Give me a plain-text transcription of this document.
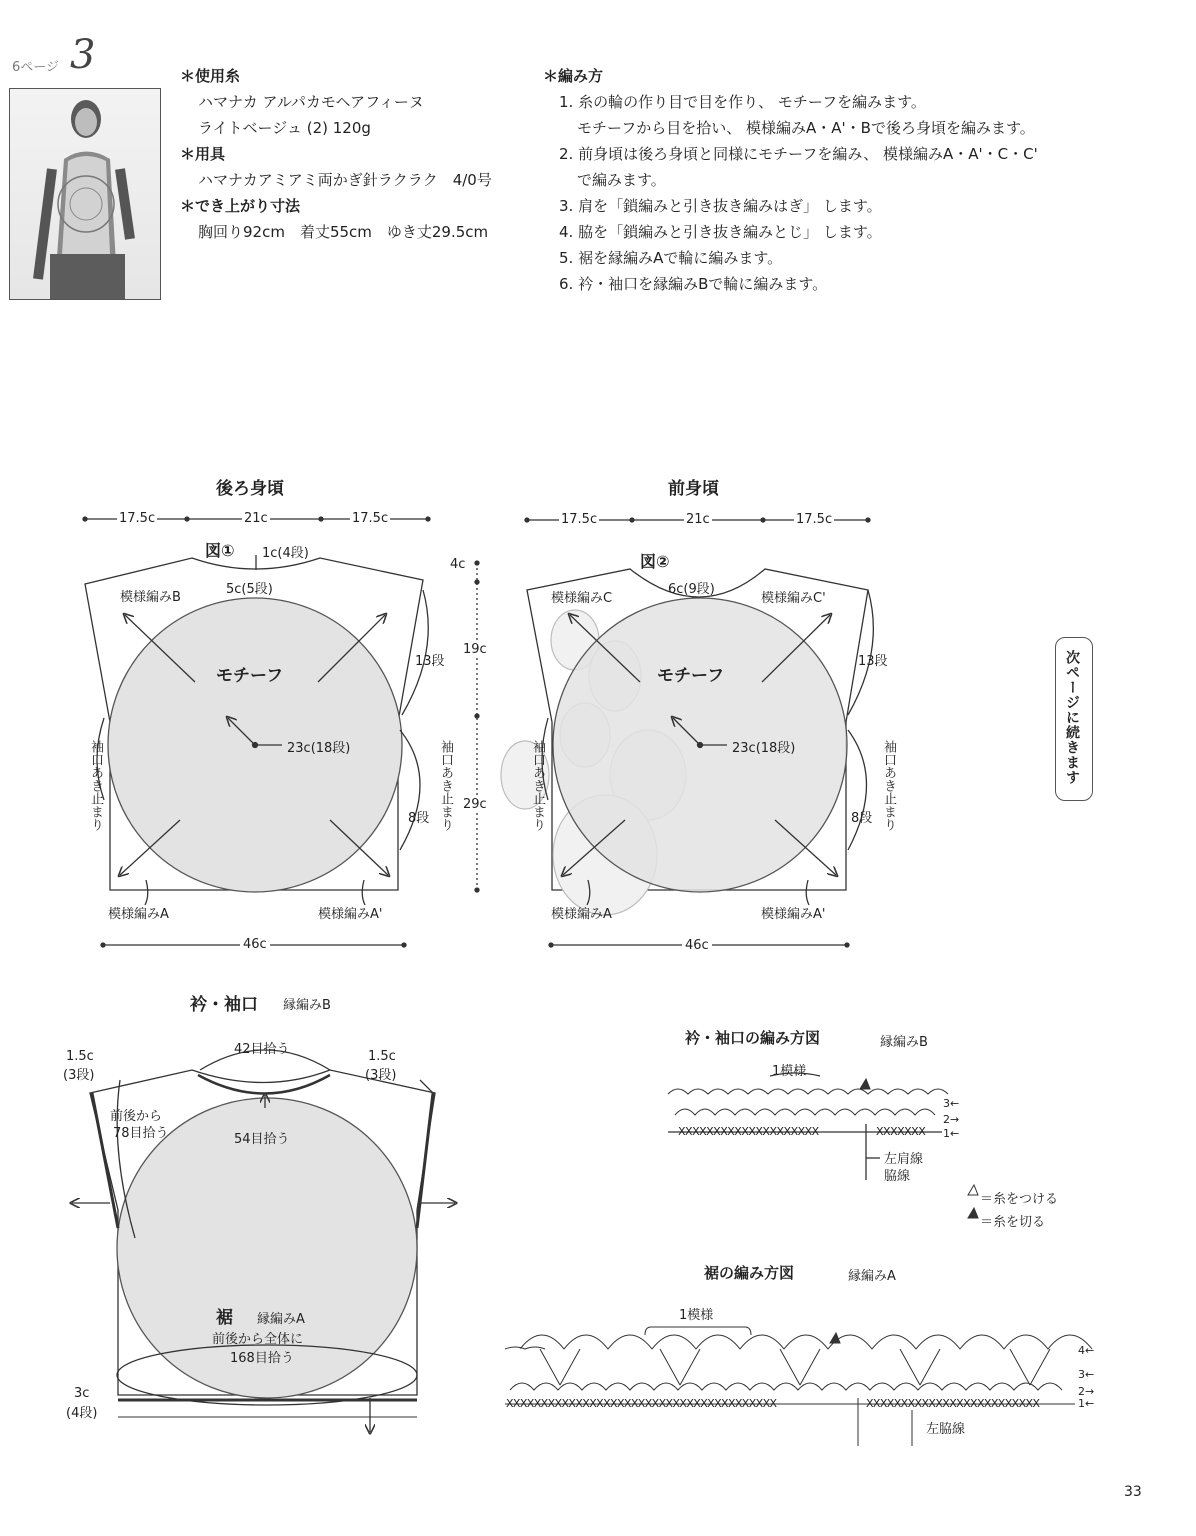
6ページ 3	＊使用糸
ハマナカ アルパカモヘアフィーヌ
ライトベージュ (2) 120g
＊用具
ハマナカアミアミ両かぎ針ラクラク　4/0号
＊でき上がり寸法
胸回り92cm　着丈55cm　ゆき丈29.5cm
＊編み方
1. 糸の輪の作り目で目を作り、 モチーフを編みます。
モチーフから目を拾い、 模様編みA・A'・Bで後ろ身頃を編みます。
2. 前身頃は後ろ身頃と同様にモチーフを編み、 模様編みA・A'・C・C'
で編みます。
3. 肩を「鎖編みと引き抜き編みはぎ」 します。
4. 脇を「鎖編みと引き抜き編みとじ」 します。
5. 裾を縁編みAで輪に編みます。
6. 衿・袖口を縁編みBで輪に編みます。
次ページに続きます
後ろ身頃
17.5c	21c	17.5c
図① 1c(4段)
5c(5段)
模様編みB
モチーフ
23c(18段)
4c
19c
29c
13段
8段
袖口あき止まり	袖口あき止まり
模様編みA	模様編みA'
46c
前身頃
17.5c	21c	17.5c
図②
6c(9段)
模様編みC	模様編みC'
モチーフ
23c(18段)
13段
8段
袖口あき止まり	袖口あき止まり
模様編みA	模様編みA'
46c
衿・袖口 縁編みB
42目拾う
1.5c
(3段)
1.5c
(3段)
前後から
78目拾う	54目拾う
裾 縁編みA
前後から全体に
168目拾う
3c
(4段)
衿・袖口の編み方図	縁編みB
1模様
XXXXXXXXXXXXXXXXXXXX	XXXXXXX
3←
2→
1←
左肩線
脇線
＝糸をつける
＝糸を切る
裾の編み方図	縁編みA
1模様
XXXXXXXXXXXXXXXXXXXXXXXXXXXXXXXXXXXXXXX	XXXXXXXXXXXXXXXXXXXXXXXXX
4←
3←
2→
1←
左脇線
33
